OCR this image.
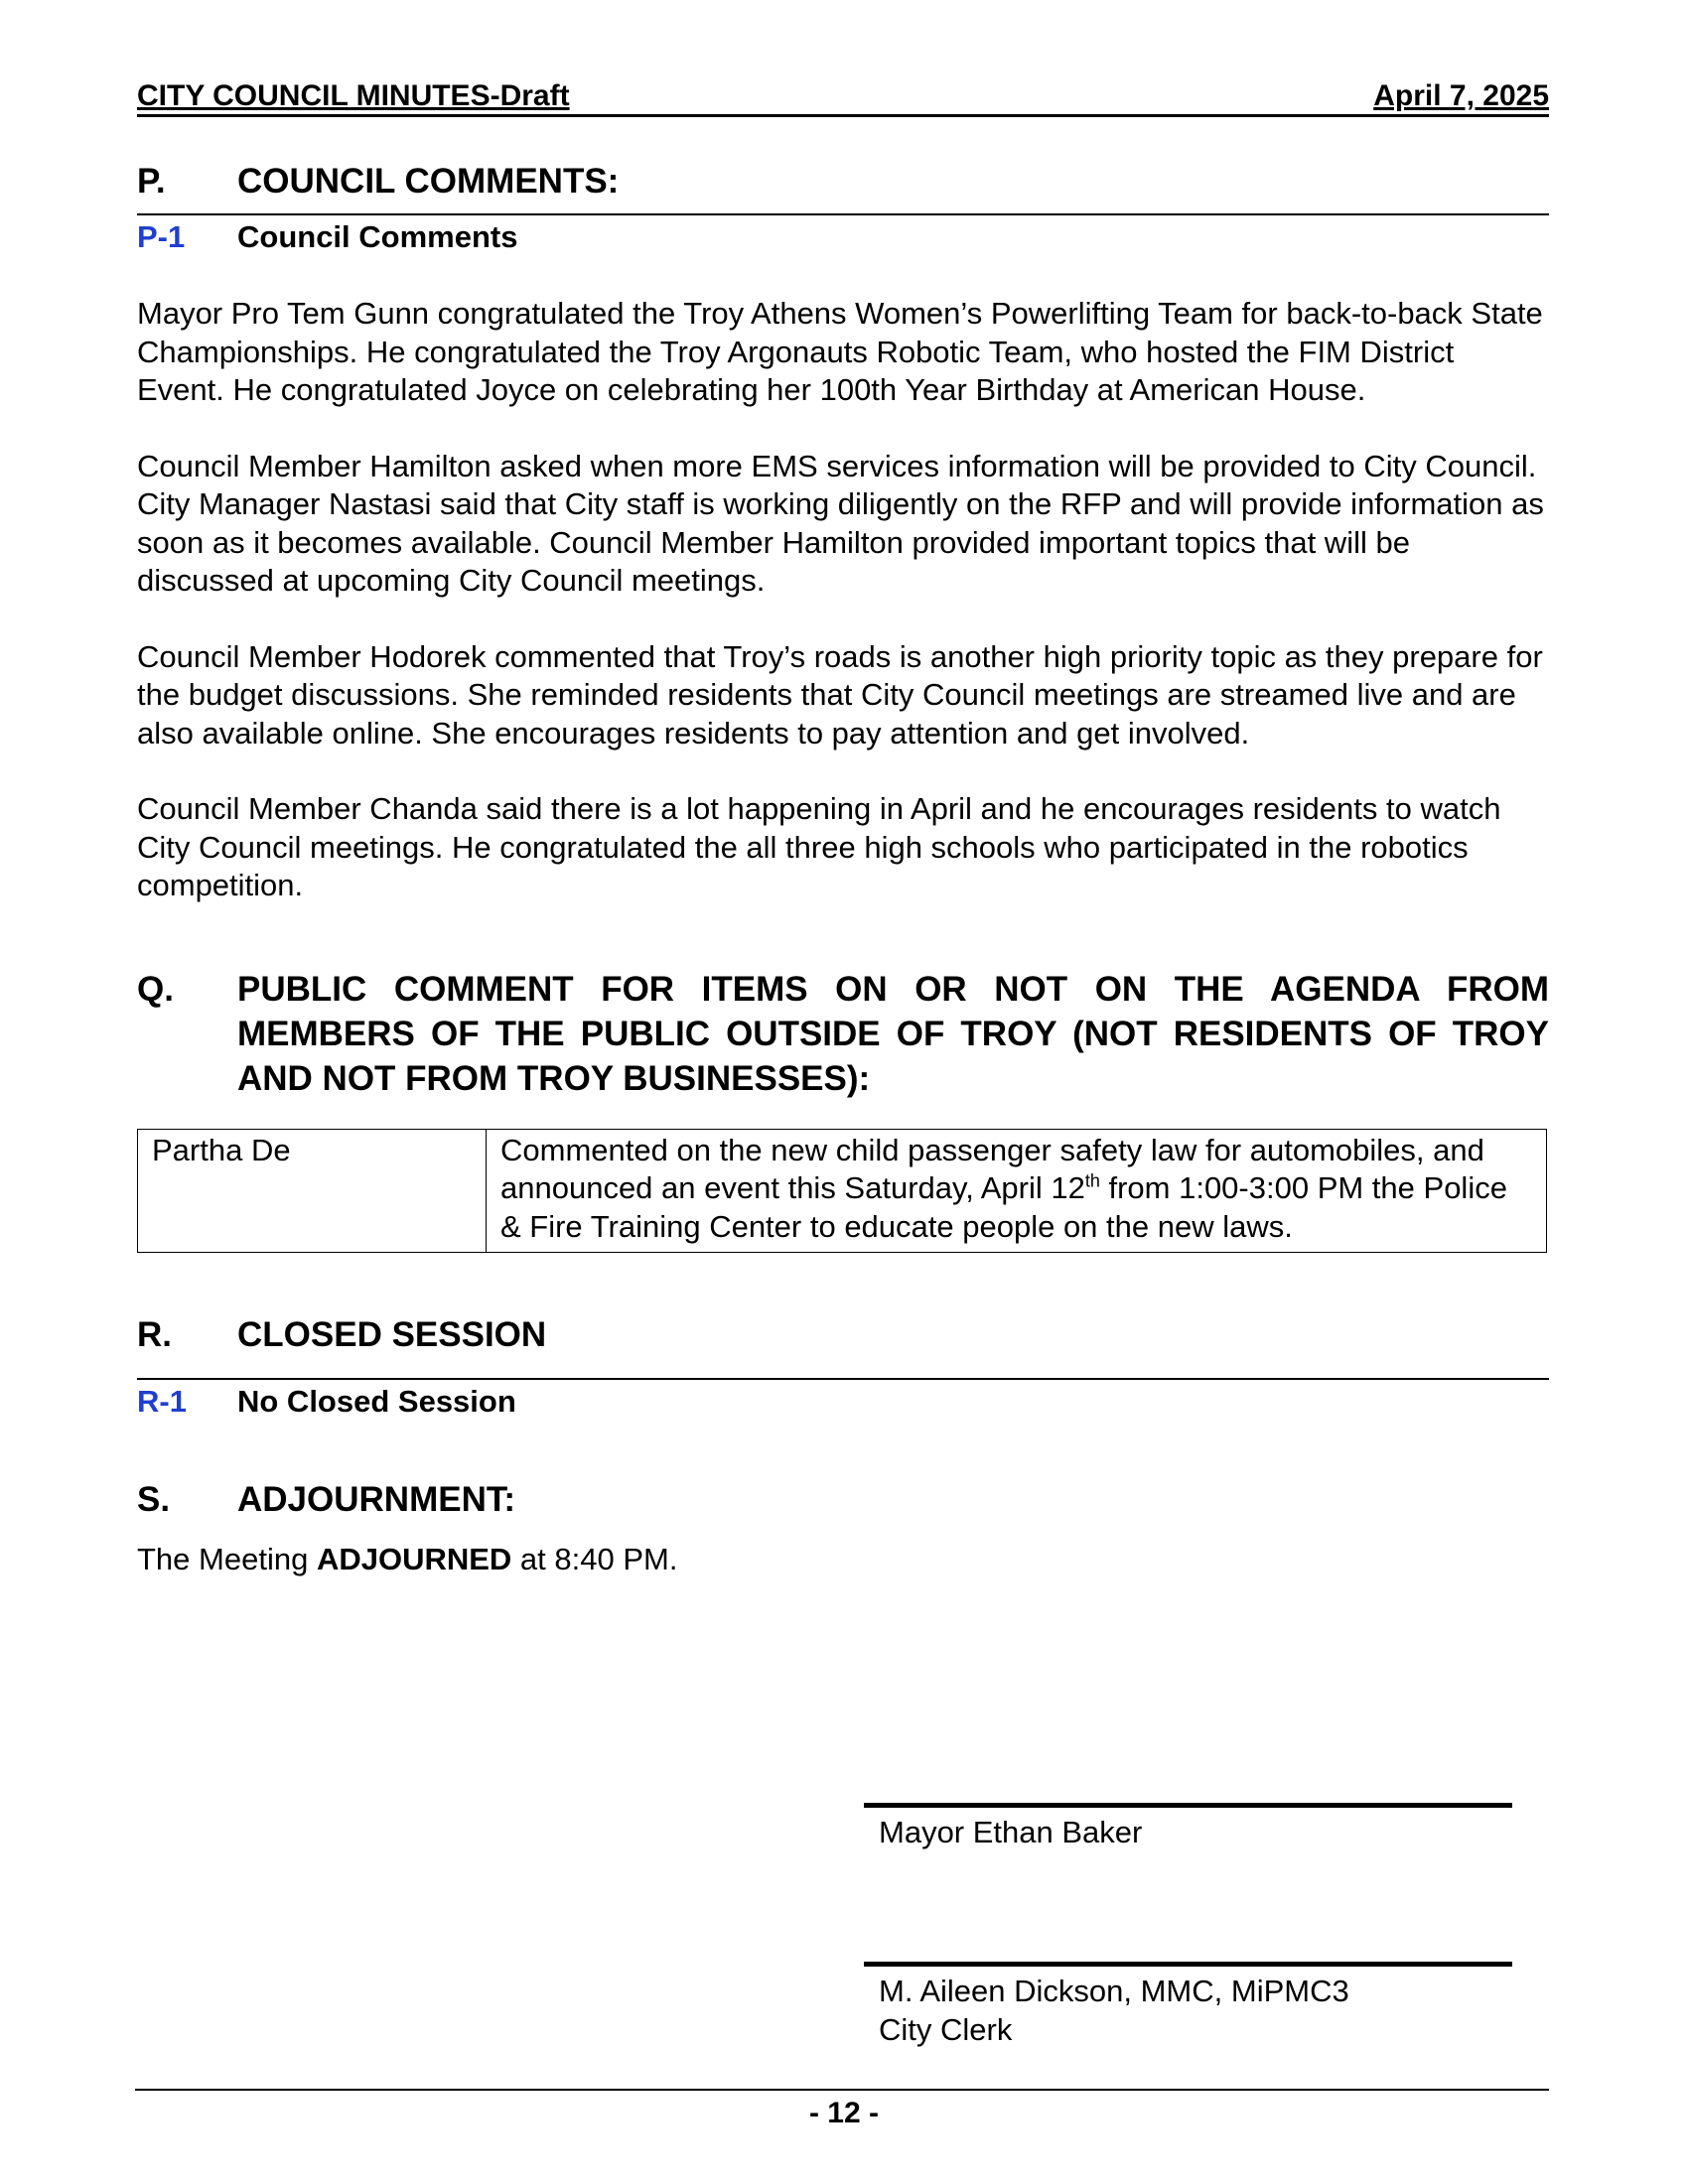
CITY COUNCIL MINUTES-Draft	April 7, 2025
P.	COUNCIL COMMENTS:
P-1	Council Comments

Mayor Pro Tem Gunn congratulated the Troy Athens Women’s Powerlifting Team for back-to-back State Championships. He congratulated the Troy Argonauts Robotic Team, who hosted the FIM District Event. He congratulated Joyce on celebrating her 100th Year Birthday at American House.

Council Member Hamilton asked when more EMS services information will be provided to City Council. City Manager Nastasi said that City staff is working diligently on the RFP and will provide information as soon as it becomes available. Council Member Hamilton provided important topics that will be discussed at upcoming City Council meetings.

Council Member Hodorek commented that Troy’s roads is another high priority topic as they prepare for the budget discussions. She reminded residents that City Council meetings are streamed live and are also available online. She encourages residents to pay attention and get involved.

Council Member Chanda said there is a lot happening in April and he encourages residents to watch City Council meetings. He congratulated the all three high schools who participated in the robotics competition.

Q.	PUBLIC COMMENT FOR ITEMS ON OR NOT ON THE AGENDA FROM MEMBERS OF THE PUBLIC OUTSIDE OF TROY (NOT RESIDENTS OF TROY AND NOT FROM TROY BUSINESSES):
Partha De	Commented on the new child passenger safety law for automobiles, and announced an event this Saturday, April 12th from 1:00-3:00 PM the Police & Fire Training Center to educate people on the new laws.
R.	CLOSED SESSION
R-1	No Closed Session
S.	ADJOURNMENT:

The Meeting ADJOURNED at 8:40 PM.

Mayor Ethan Baker
M. Aileen Dickson, MMC, MiPMC3
City Clerk
- 12 -
